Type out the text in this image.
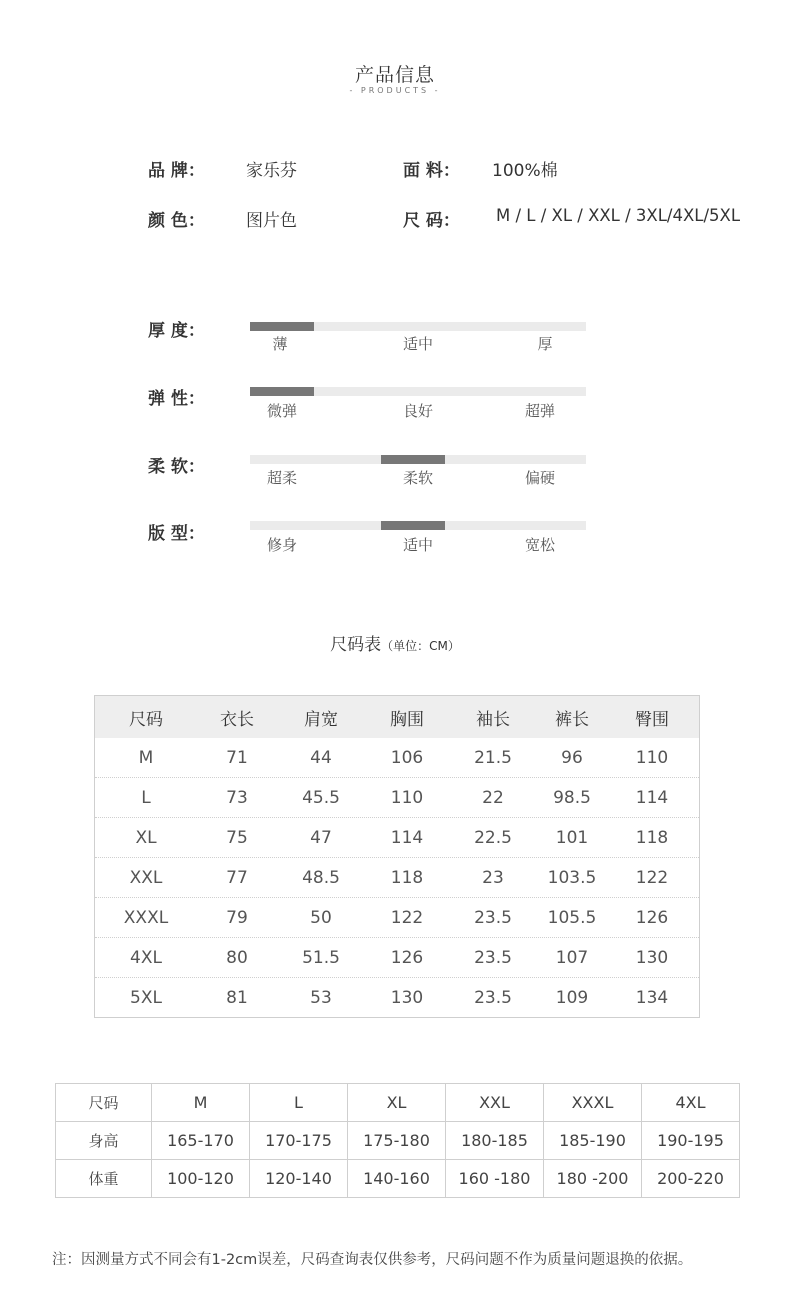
产品信息
- PRODUCTS -
品 牌：	家乐芬	面 料：	100%棉
颜 色：	图片色	尺 码：	M / L / XL / XXL / 3XL/4XL/5XL
厚 度：
薄	适中	厚
弹 性：
微弹	良好	超弹
柔 软：
超柔	柔软	偏硬
版 型：
修身	适中	宽松
尺码表（单位：CM）
尺码	衣长	肩宽	胸围	袖长	裤长	臀围
M	71	44	106	21.5	96	110
L	73	45.5	110	22	98.5	114
XL	75	47	114	22.5	101	118
XXL	77	48.5	118	23	103.5	122
XXXL	79	50	122	23.5	105.5	126
4XL	80	51.5	126	23.5	107	130
5XL	81	53	130	23.5	109	134
尺码	M	L	XL	XXL	XXXL	4XL
身高	165-170	170-175	175-180	180-185	185-190	190-195
体重	100-120	120-140	140-160	160 -180	180 -200	200-220
注：因测量方式不同会有1-2cm误差，尺码查询表仅供参考，尺码问题不作为质量问题退换的依据。
